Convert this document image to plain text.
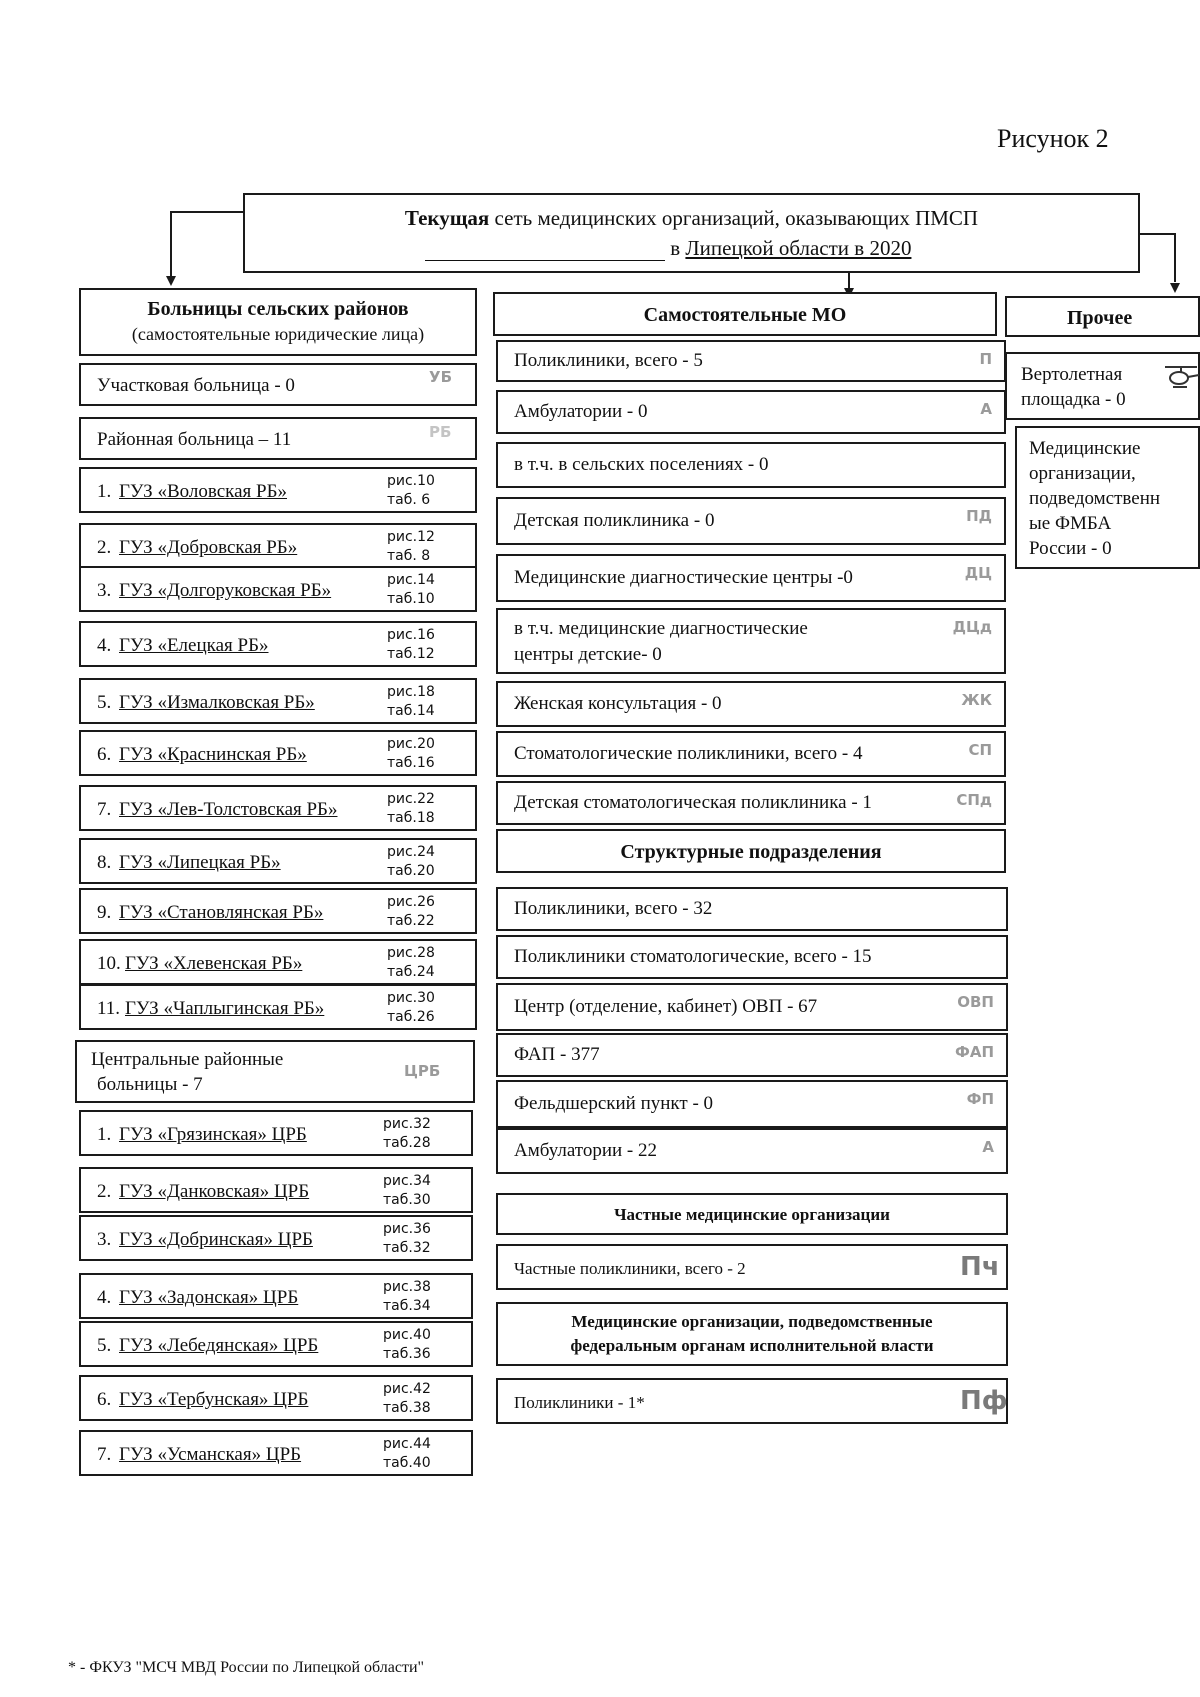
Рисунок 2
Текущая сеть медицинских организаций, оказывающих ПМСП
в Липецкой области в 2020
Больницы сельских районов
(самостоятельные юридические лица)
Участковая больница - 0	УБ
Районная больница – 11	РБ
1. ГУЗ «Воловская РБ»	рис.10
таб. 6
2. ГУЗ «Добровская РБ»	рис.12
таб. 8
3. ГУЗ «Долгоруковская РБ»	рис.14
таб.10
4. ГУЗ «Елецкая РБ»	рис.16
таб.12
5. ГУЗ «Измалковская РБ»	рис.18
таб.14
6. ГУЗ «Краснинская РБ»	рис.20
таб.16
7. ГУЗ «Лев-Толстовская РБ»	рис.22
таб.18
8. ГУЗ «Липецкая РБ»	рис.24
таб.20
9. ГУЗ «Становлянская РБ»	рис.26
таб.22
10. ГУЗ «Хлевенская РБ»	рис.28
таб.24
11. ГУЗ «Чаплыгинская РБ»	рис.30
таб.26
Центральные районные
больницы - 7
ЦРБ
1. ГУЗ «Грязинская» ЦРБ	рис.32
таб.28
2. ГУЗ «Данковская» ЦРБ	рис.34
таб.30
3. ГУЗ «Добринская» ЦРБ	рис.36
таб.32
4. ГУЗ «Задонская» ЦРБ	рис.38
таб.34
5. ГУЗ «Лебедянская» ЦРБ	рис.40
таб.36
6. ГУЗ «Тербунская» ЦРБ	рис.42
таб.38
7. ГУЗ «Усманская» ЦРБ	рис.44
таб.40
Самостоятельные МО
Поликлиники, всего - 5	П
Амбулатории - 0	А
в т.ч. в сельских поселениях - 0
Детская поликлиника - 0	ПД
Медицинские диагностические центры -0	ДЦ
в т.ч. медицинские диагностические
центры детские- 0
ДЦд
Женская консультация - 0	ЖК
Стоматологические поликлиники, всего - 4	СП
Детская стоматологическая поликлиника - 1	СПд
Структурные подразделения
Поликлиники, всего - 32
Поликлиники стоматологические, всего - 15
Центр (отделение, кабинет) ОВП - 67	ОВП
ФАП - 377	ФАП
Фельдшерский пункт - 0	ФП
Амбулатории - 22	А
Частные медицинские организации
Частные поликлиники, всего - 2	Пч
Медицинские организации, подведомственные
федеральным органам исполнительной власти
Поликлиники - 1*	Пф
Прочее
Вертолетная
площадка - 0
Медицинские
организации,
подведомственн
ые ФМБА
России - 0
* - ФКУЗ "МСЧ МВД России по Липецкой области"
